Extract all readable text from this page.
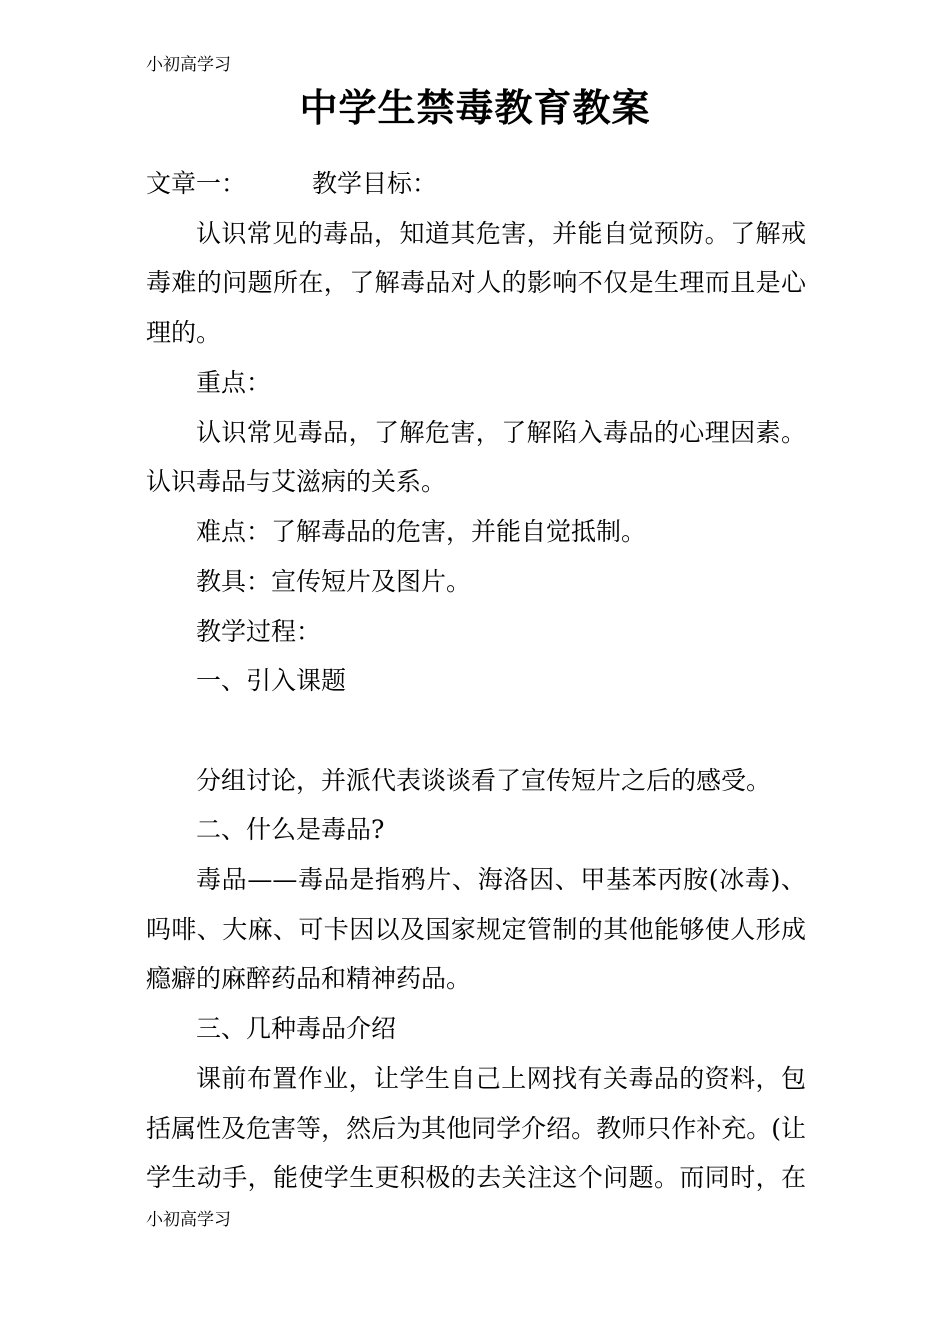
小初高学习
中学生禁毒教育教案
文章一：	教学目标：
认识常见的毒品，知道其危害，并能自觉预防。了解戒
毒难的问题所在，了解毒品对人的影响不仅是生理而且是心
理的。
重点：
认识常见毒品，了解危害，了解陷入毒品的心理因素。
认识毒品与艾滋病的关系。
难点：了解毒品的危害，并能自觉抵制。
教具：宣传短片及图片。
教学过程：
一、引入课题
分组讨论，并派代表谈谈看了宣传短片之后的感受。
二、什么是毒品?
毒品——毒品是指鸦片、海洛因、甲基苯丙胺(冰毒)、
吗啡、大麻、可卡因以及国家规定管制的其他能够使人形成
瘾癖的麻醉药品和精神药品。
三、几种毒品介绍
课前布置作业，让学生自己上网找有关毒品的资料，包
括属性及危害等，然后为其他同学介绍。教师只作补充。(让
学生动手，能使学生更积极的去关注这个问题。而同时，在
小初高学习
